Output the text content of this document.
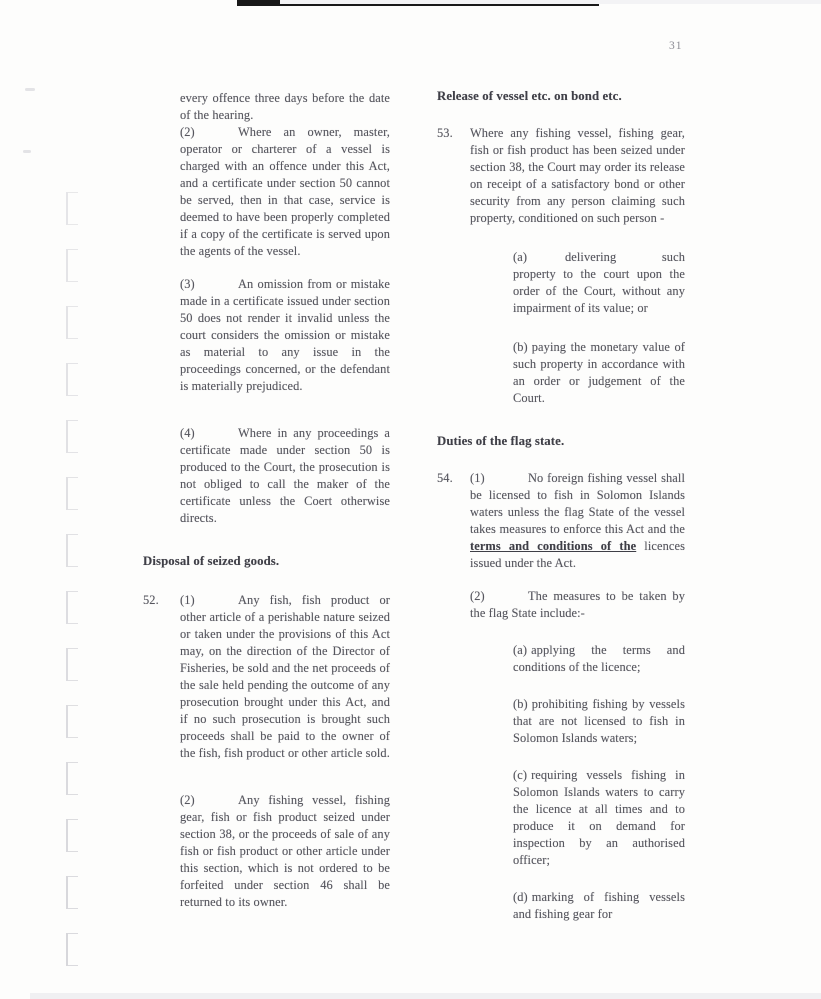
31
every offence three days before the date of the hearing.
(2)	Where an owner, master, operator or charterer of a vessel is charged with an offence under this Act, and a certificate under section 50 cannot be served, then in that case, service is deemed to have been properly completed if a copy of the certificate is served upon the agents of the vessel.
(3)	An omission from or mistake made in a certificate issued under section 50 does not render it invalid unless the court considers the omission or mistake as material to any issue in the proceedings concerned, or the defendant is materially prejudiced.
(4)	Where in any proceedings a certificate made under section 50 is produced to the Court, the prosecution is not obliged to call the maker of the certificate unless the Coert otherwise directs.
Disposal of seized goods.
52. (1)	Any fish, fish product or other article of a perishable nature seized or taken under the provisions of this Act may, on the direction of the Director of Fisheries, be sold and the net proceeds of the sale held pending the outcome of any prosecution brought under this Act, and if no such prosecution is brought such proceeds shall be paid to the owner of the fish, fish product or other article sold.
(2)	Any fishing vessel, fishing gear, fish or fish product seized under section 38, or the proceeds of sale of any fish or fish product or other article under this section, which is not ordered to be forfeited under section 46 shall be returned to its owner.
Release of vessel etc. on bond etc.
53. Where any fishing vessel, fishing gear, fish or fish product has been seized under section 38, the Court may order its release on receipt of a satisfactory bond or other security from any person claiming such property, conditioned on such person -
(a)	delivering such property to the court upon the order of the Court, without any impairment of its value; or
(b) paying the monetary value of such property in accordance with an order or judgement of the Court.
Duties of the flag state.
54. (1)	No foreign fishing vessel shall be licensed to fish in Solomon Islands waters unless the flag State of the vessel takes measures to enforce this Act and the terms and conditions of the licences issued under the Act.
(2)	The measures to be taken by the flag State include:-
(a) applying the terms and conditions of the licence;
(b) prohibiting fishing by vessels that are not licensed to fish in Solomon Islands waters;
(c) requiring vessels fishing in Solomon Islands waters to carry the licence at all times and to produce it on demand for inspection by an authorised officer;
(d) marking of fishing vessels and fishing gear for
